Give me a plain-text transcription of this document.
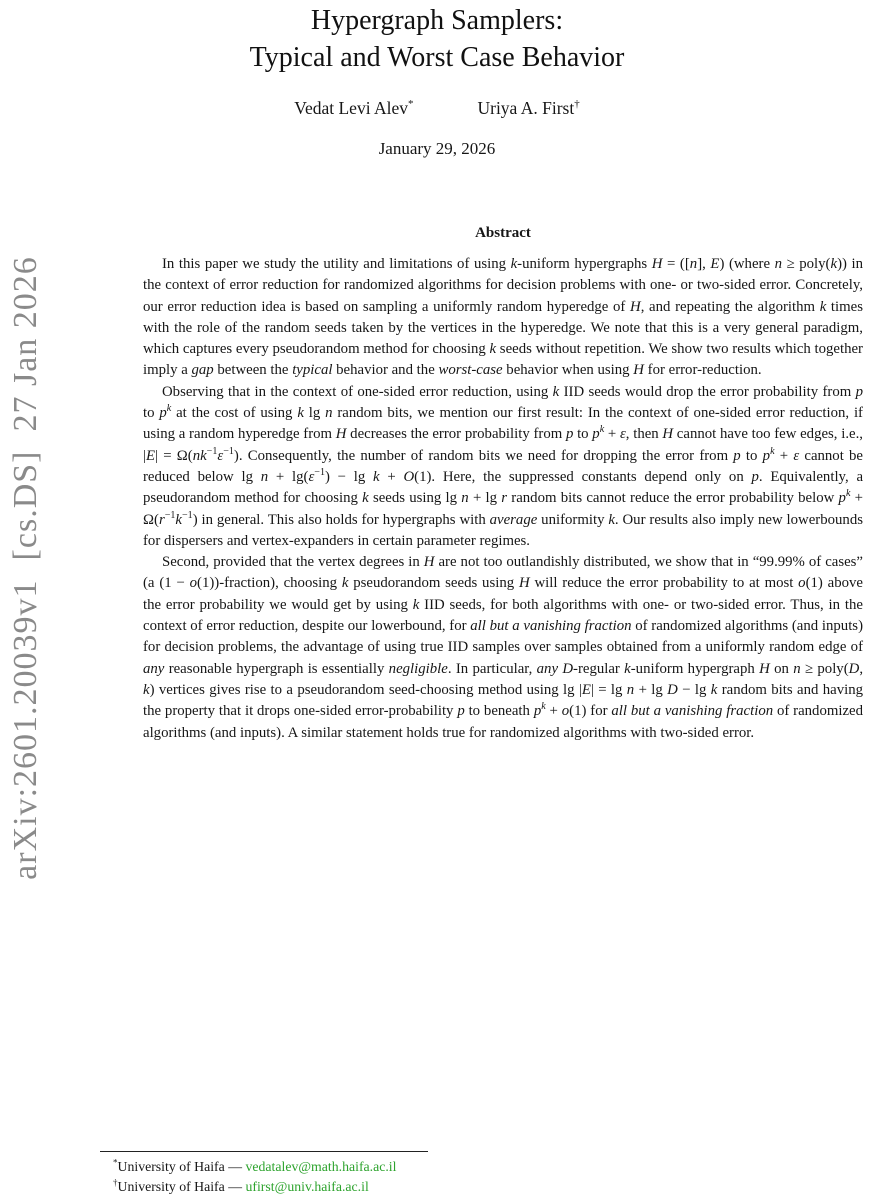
arXiv:2601.20039v1  [cs.DS]  27 Jan 2026
Hypergraph Samplers:
Typical and Worst Case Behavior
Vedat Levi Alev*	Uriya A. First†
January 29, 2026
Abstract

In this paper we study the utility and limitations of using k-uniform hypergraphs H = ([n], E) (where n ≥ poly(k)) in the context of error reduction for randomized algorithms for decision problems with one- or two-sided error. Concretely, our error reduction idea is based on sampling a uniformly random hyperedge of H, and repeating the algorithm k times with the role of the random seeds taken by the vertices in the hyperedge. We note that this is a very general paradigm, which captures every pseudorandom method for choosing k seeds without repetition. We show two results which together imply a gap between the typical behavior and the worst-case behavior when using H for error-reduction.

Observing that in the context of one-sided error reduction, using k IID seeds would drop the error probability from p to $p^k$ at the cost of using k lg n random bits, we mention our first result: In the context of one-sided error reduction, if using a random hyperedge from H decreases the error probability from p to $p^k + \varepsilon$, then H cannot have too few edges, i.e., $|E| = \Omega(nk^{-1}\varepsilon^{-1})$. Consequently, the number of random bits we need for dropping the error from p to $p^k + \varepsilon$ cannot be reduced below $\lg n + \lg(\varepsilon^{-1}) - \lg k + O(1)$. Here, the suppressed constants depend only on p. Equivalently, a pseudorandom method for choosing k seeds using lg n + lg r random bits cannot reduce the error probability below $p^k + \Omega(r^{-1}k^{-1})$ in general. This also holds for hypergraphs with average uniformity k. Our results also imply new lowerbounds for dispersers and vertex-expanders in certain parameter regimes.

Second, provided that the vertex degrees in H are not too outlandishly distributed, we show that in “99.99% of cases” (a (1 − o(1))-fraction), choosing k pseudorandom seeds using H will reduce the error probability to at most o(1) above the error probability we would get by using k IID seeds, for both algorithms with one- or two-sided error. Thus, in the context of error reduction, despite our lowerbound, for all but a vanishing fraction of randomized algorithms (and inputs) for decision problems, the advantage of using true IID samples over samples obtained from a uniformly random edge of any reasonable hypergraph is essentially negligible. In particular, any D-regular k-uniform hypergraph H on n ≥ poly(D, k) vertices gives rise to a pseudorandom seed-choosing method using lg |E| = lg n + lg D − lg k random bits and having the property that it drops one-sided error-probability p to beneath $p^k + o(1)$ for all but a vanishing fraction of randomized algorithms (and inputs). A similar statement holds true for randomized algorithms with two-sided error.

*University of Haifa — vedatalev@math.haifa.ac.il
†University of Haifa — ufirst@univ.haifa.ac.il
